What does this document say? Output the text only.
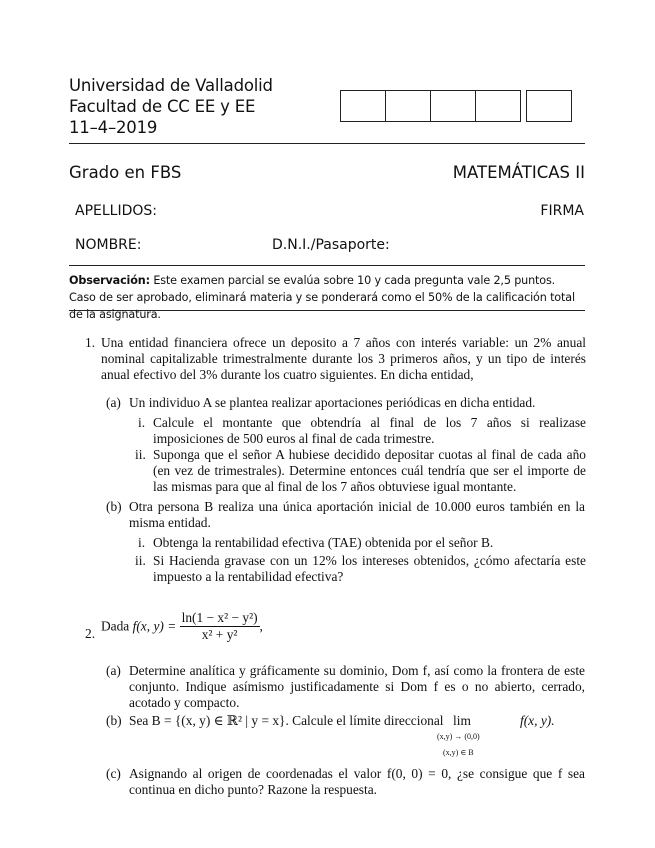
Universidad de Valladolid
Facultad de CC EE y EE
11–4–2019
Grado en FBS	MATEMÁTICAS II
APELLIDOS:	FIRMA
NOMBRE:	D.N.I./Pasaporte:
Observación: Este examen parcial se evalúa sobre 10 y cada pregunta vale 2,5 puntos. Caso de ser aprobado, eliminará materia y se ponderará como el 50% de la calificación total de la asignatura.
1. Una entidad financiera ofrece un deposito a 7 años con interés variable: un 2% anual nominal capitalizable trimestralmente durante los 3 primeros años, y un tipo de interés anual efectivo del 3% durante los cuatro siguientes. En dicha entidad,
(a) Un individuo A se plantea realizar aportaciones periódicas en dicha entidad.
i. Calcule el montante que obtendría al final de los 7 años si realizase imposiciones de 500 euros al final de cada trimestre.
ii. Suponga que el señor A hubiese decidido depositar cuotas al final de cada año (en vez de trimestrales). Determine entonces cuál tendría que ser el importe de las mismas para que al final de los 7 años obtuviese igual montante.
(b) Otra persona B realiza una única aportación inicial de 10.000 euros también en la misma entidad.
i. Obtenga la rentabilidad efectiva (TAE) obtenida por el señor B.
ii. Si Hacienda gravase con un 12% los intereses obtenidos, ¿cómo afectaría este impuesto a la rentabilidad efectiva?
2.
Dada f(x, $y) = \frac{\text{ln(1 − x² − y²)}}{\text{x² + y²}}$ ,
(a) Determine analítica y gráficamente su dominio, Dom f, así como la frontera de este conjunto. Indique asímismo justificadamente si Dom f es o no abierto, cerrado, acotado y compacto.
(b) Sea B = {(x, y) ∈ ℝ² | y = x}. Calcule el límite direccional lim
(x,y) → (0,0)
(x,y) ∈ B
f(x, y).
(c) Asignando al origen de coordenadas el valor f(0, 0) = 0, ¿se consigue que f sea continua en dicho punto? Razone la respuesta.
